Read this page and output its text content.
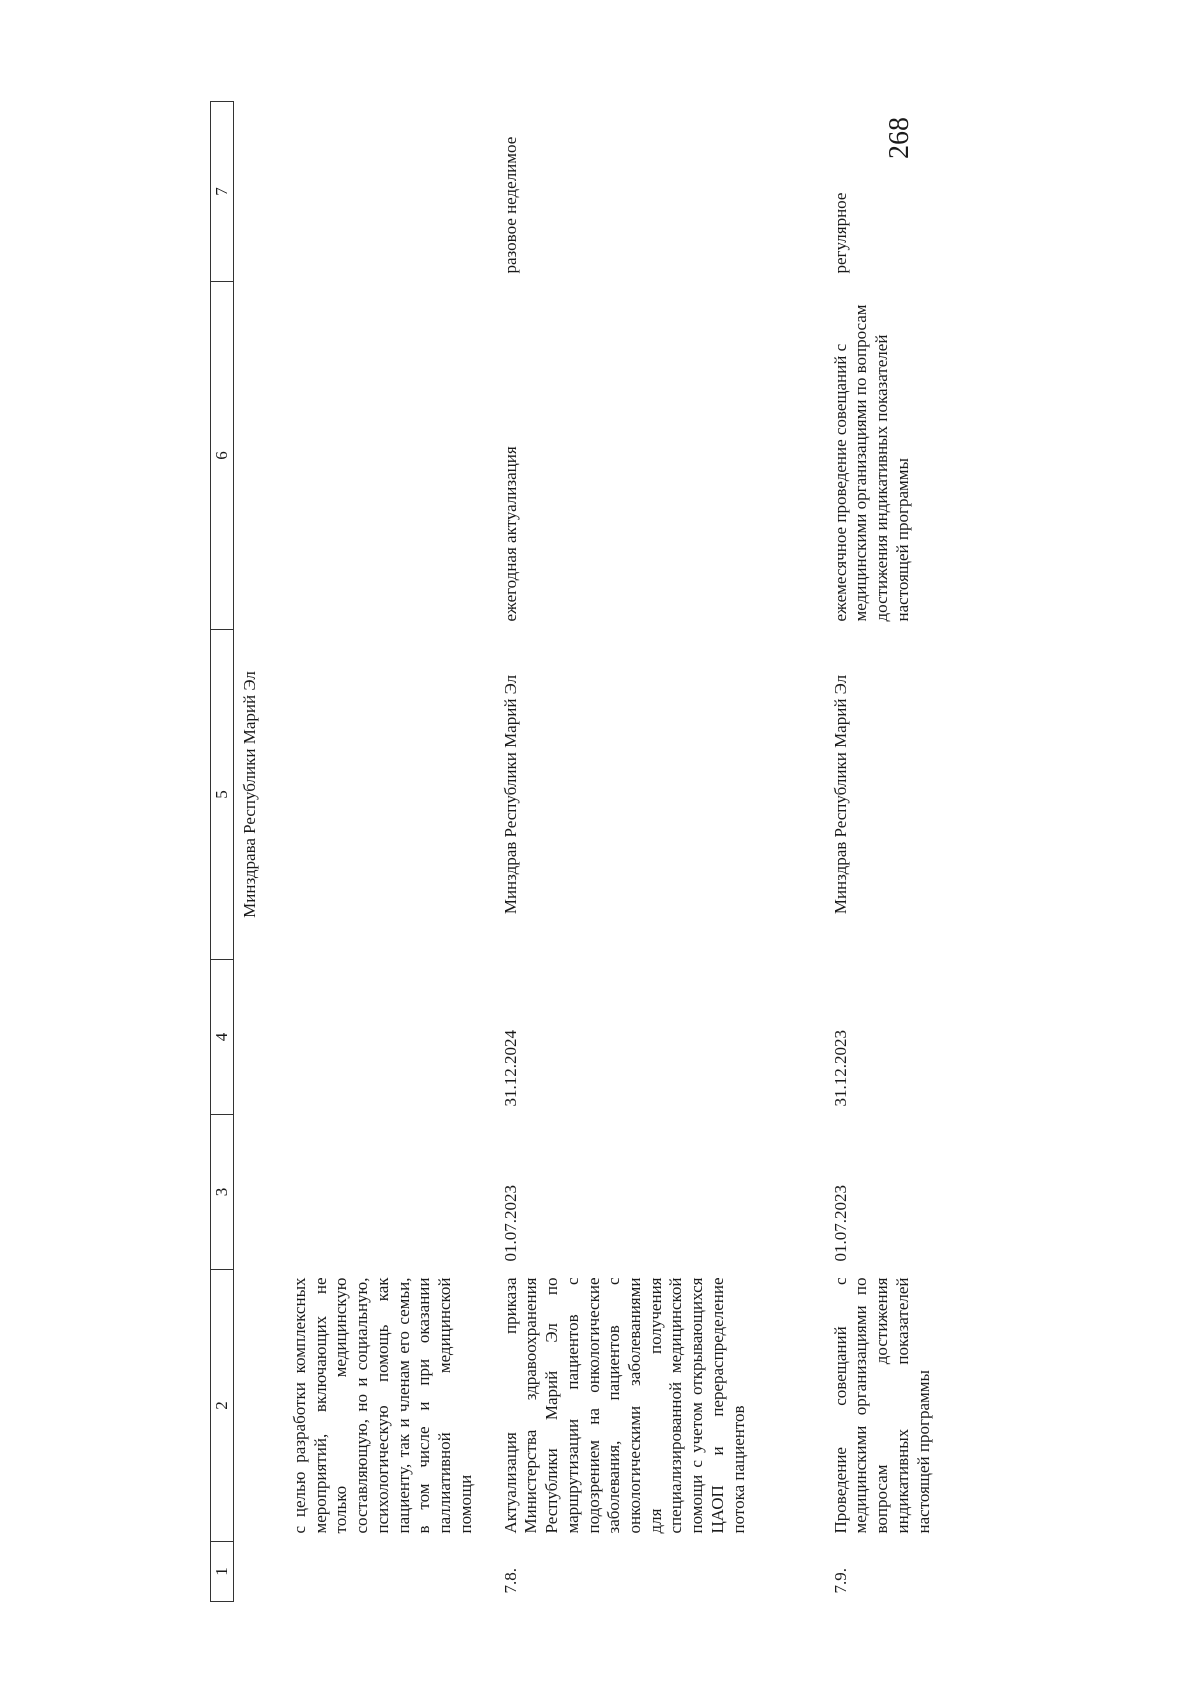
268
1	2	3	4	5	6	7
	с целью разработки комплексных мероприятий, включающих не только медицинскую составляющую, но и социальную, психологическую помощь как пациенту, так и членам его семьи, в том числе и при оказании паллиативной медицинской помощи			Минздрава Республики Марий Эл		
7.8.	Актуализация приказа Министерства здравоохранения Республики Марий Эл по маршрутизации пациентов с подозрением на онкологические заболевания, пациентов с онкологическими заболеваниями для получения специализированной медицинской помощи с учетом открывающихся ЦАОП и перераспределение потока пациентов	01.07.2023	31.12.2024	Минздрав Республики Марий Эл	ежегодная актуализация	разовое неделимое
7.9.	Проведение совещаний с медицинскими организациями по вопросам достижения индикативных показателей настоящей программы	01.07.2023	31.12.2023	Минздрав Республики Марий Эл	ежемесячное проведение совещаний с медицинскими организациями по вопросам достижения индикативных показателей настоящей программы	регулярное
